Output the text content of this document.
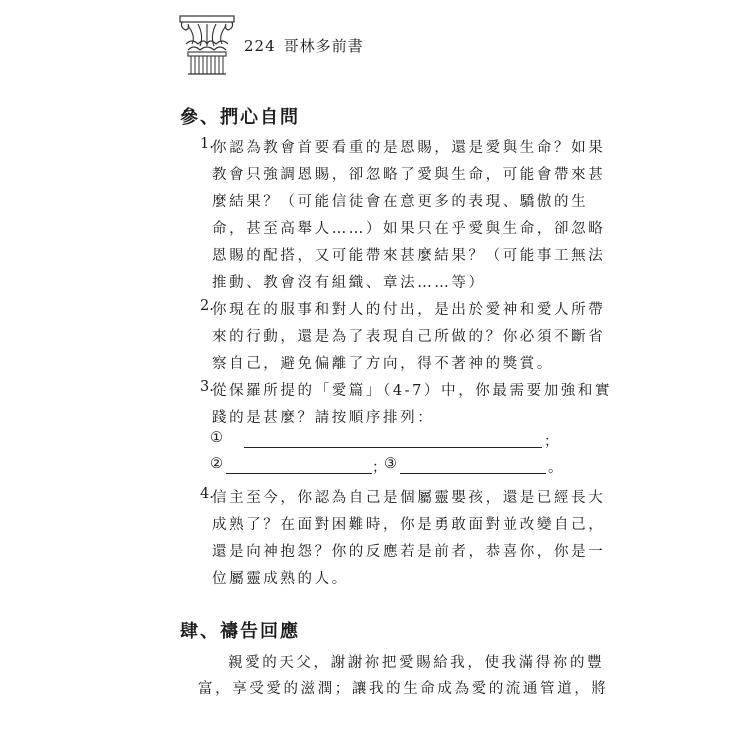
224 哥林多前書
參、捫心自問
1.
你認為教會首要看重的是恩賜，還是愛與生命？如果
教會只強調恩賜，卻忽略了愛與生命，可能會帶來甚
麼結果？（可能信徒會在意更多的表現、驕傲的生
命，甚至高舉人……）如果只在乎愛與生命，卻忽略
恩賜的配搭，又可能帶來甚麼結果？（可能事工無法
推動、教會沒有組織、章法……等）
2.
你現在的服事和對人的付出，是出於愛神和愛人所帶
來的行動，還是為了表現自己所做的？你必須不斷省
察自己，避免偏離了方向，得不著神的獎賞。
3.
從保羅所提的「愛篇」（4-7）中，你最需要加強和實
踐的是甚麼？請按順序排列：
①	；
②	；
③	。
4.
信主至今，你認為自己是個屬靈嬰孩，還是已經長大
成熟了？在面對困難時，你是勇敢面對並改變自己，
還是向神抱怨？你的反應若是前者，恭喜你，你是一
位屬靈成熟的人。
肆、禱告回應
親愛的天父，謝謝祢把愛賜給我，使我滿得祢的豐
富，享受愛的滋潤；讓我的生命成為愛的流通管道，將
